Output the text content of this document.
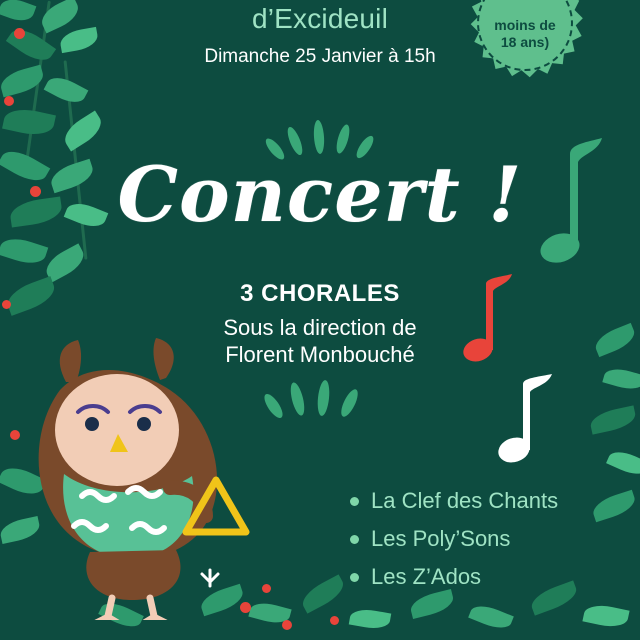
d’Excideuil
Dimanche 25 Janvier à 15h
moins de
18 ans)
Concert !
3 CHORALES
Sous la direction de
Florent Monbouché
La Clef des Chants
Les Poly’Sons
Les Z’Ados
